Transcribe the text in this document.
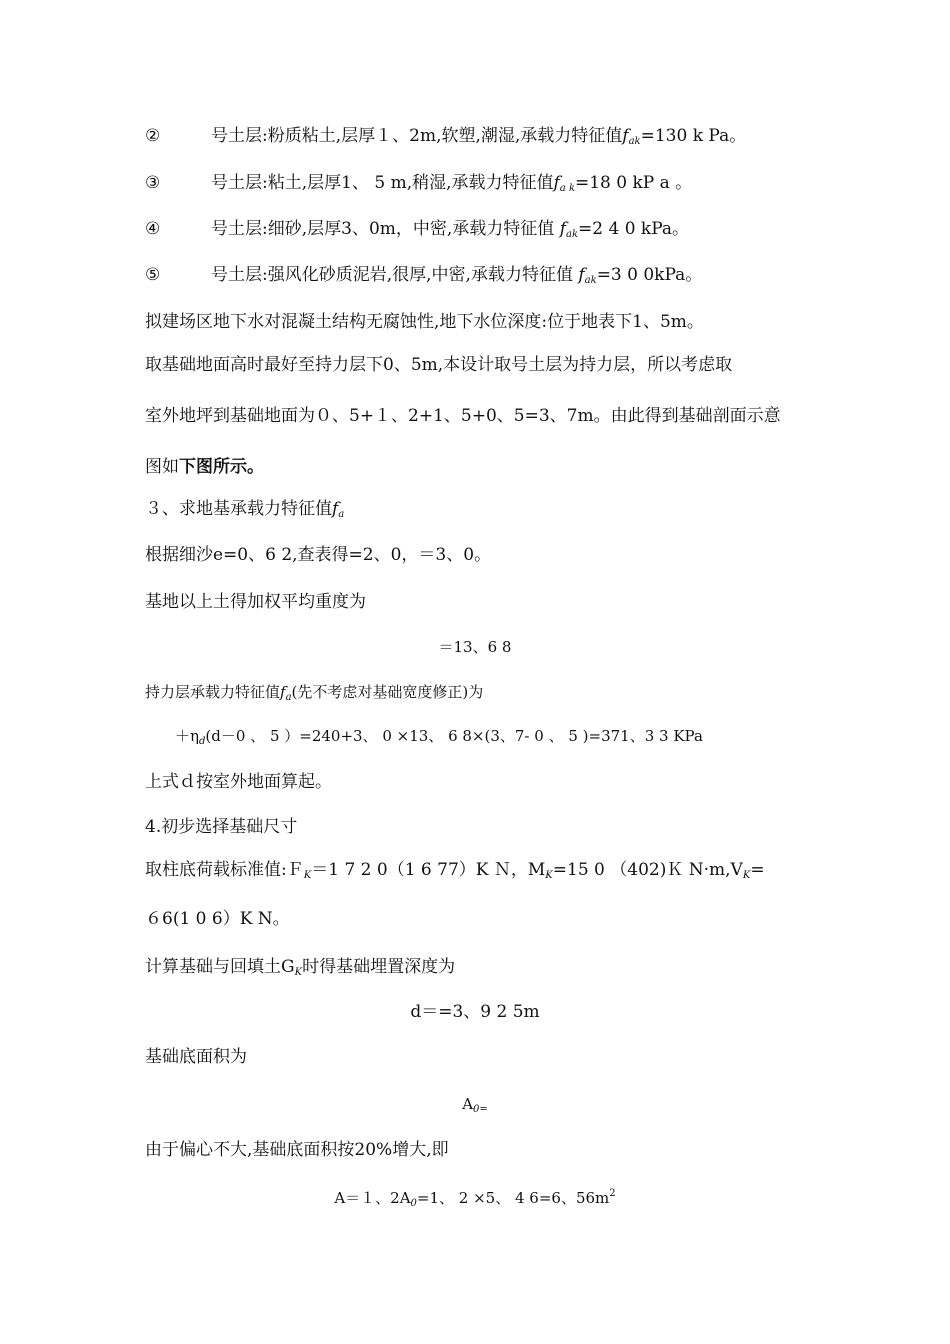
②	号土层:粉质粘土,层厚１、2m,软塑,潮湿,承载力特征值$f_{ak}=130$ k Pa。
③	号土层:粘土,层厚1、 5 m,稍湿,承载力特征值$f_{a k}=18$ 0 kP a 。
④	号土层:细砂,层厚3、0m，中密,承载力特征值 $f_{ak}=2$ 4 0 kPa。
⑤	号土层:强风化砂质泥岩,很厚,中密,承载力特征值 $f_{ak}=3$ 0 0kPa。
拟建场区地下水对混凝土结构无腐蚀性,地下水位深度:位于地表下1、5m。
取基础地面高时最好至持力层下0、5m,本设计取号土层为持力层，所以考虑取
室外地坪到基础地面为０、5+１、2+1、5+0、5=3、7m。由此得到基础剖面示意
图如下图所示。
３、求地基承载力特征值$f_a$
根据细沙e=0、6 2,查表得=2、0，＝3、0。
基地以上土得加权平均重度为
＝13、6 8
持力层承载力特征值$f_a$(先不考虑对基础宽度修正)为
$+\eta_d(d-0$ 、 5 ）=240+3、 0 ×13、 6 8×(3、7- 0 、 5 )=371、3 3 KPa
上式ｄ按室外地面算起。
4.初步选择基础尺寸
取柱底荷载标准值:Ｆ$_K$＝1 7 2 0（1 6 77）K Ｎ，$M_K=15$ 0 （402)Ｋ $N\cdot m,V_K=$
６6(1 0 6）K N。
计算基础与回填土$G_K$时得基础埋置深度为
d＝=3、9 2 5m
基础底面积为
$A_{0=}$
由于偏心不大,基础底面积按20%增大,即
A＝１、$2A_0=1$、 2 ×5、 4 6=6、$56m^2$
